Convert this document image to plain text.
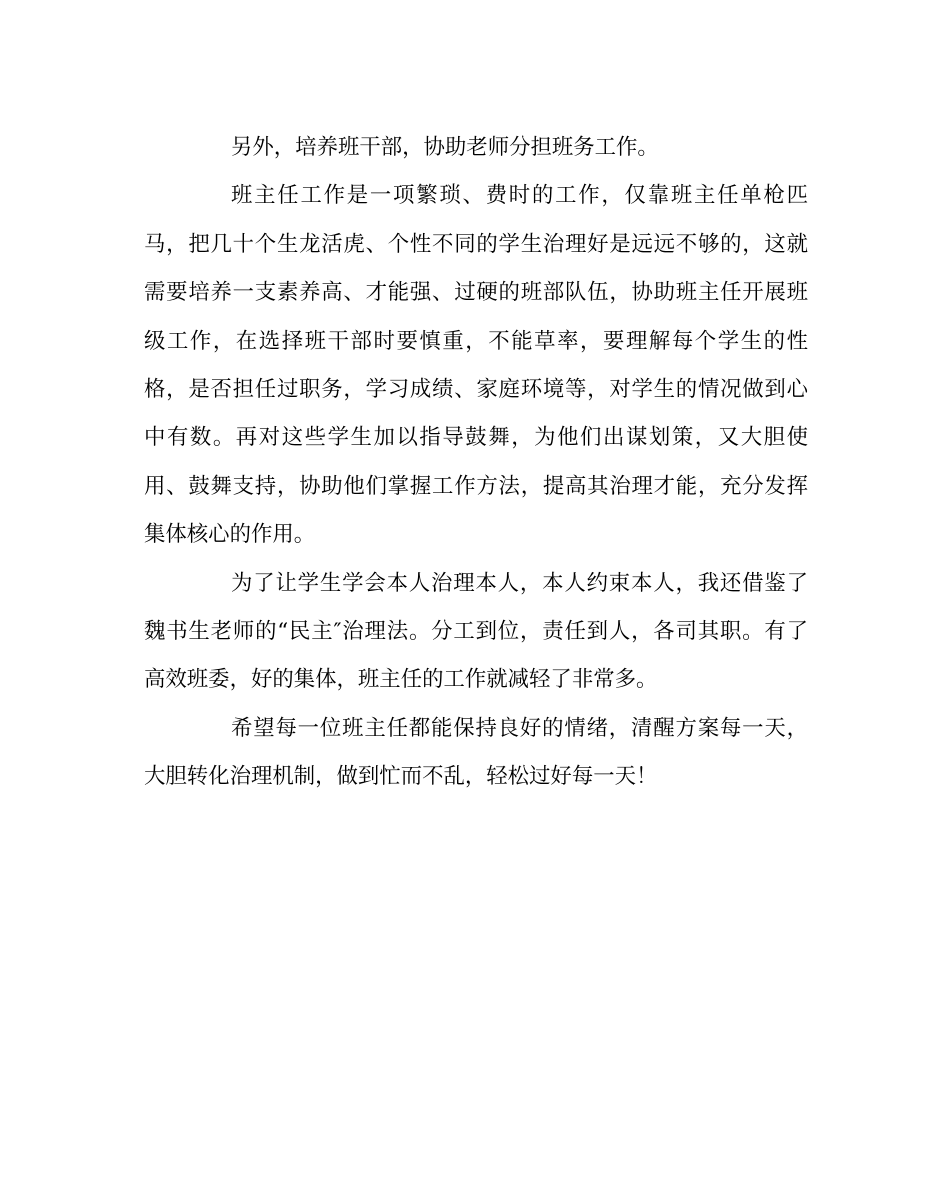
另外，培养班干部，协助老师分担班务工作。
班主任工作是一项繁琐、费时的工作，仅靠班主任单枪匹
马，把几十个生龙活虎、个性不同的学生治理好是远远不够的，这就
需要培养一支素养高、才能强、过硬的班部队伍，协助班主任开展班
级工作，在选择班干部时要慎重，不能草率，要理解每个学生的性
格，是否担任过职务，学习成绩、家庭环境等，对学生的情况做到心
中有数。再对这些学生加以指导鼓舞，为他们出谋划策，又大胆使
用、鼓舞支持，协助他们掌握工作方法，提高其治理才能，充分发挥
集体核心的作用。
为了让学生学会本人治理本人，本人约束本人，我还借鉴了
魏书生老师的“民主″治理法。分工到位，责任到人，各司其职。有了
高效班委，好的集体，班主任的工作就减轻了非常多。
希望每一位班主任都能保持良好的情绪，清醒方案每一天，
大胆转化治理机制，做到忙而不乱，轻松过好每一天！
